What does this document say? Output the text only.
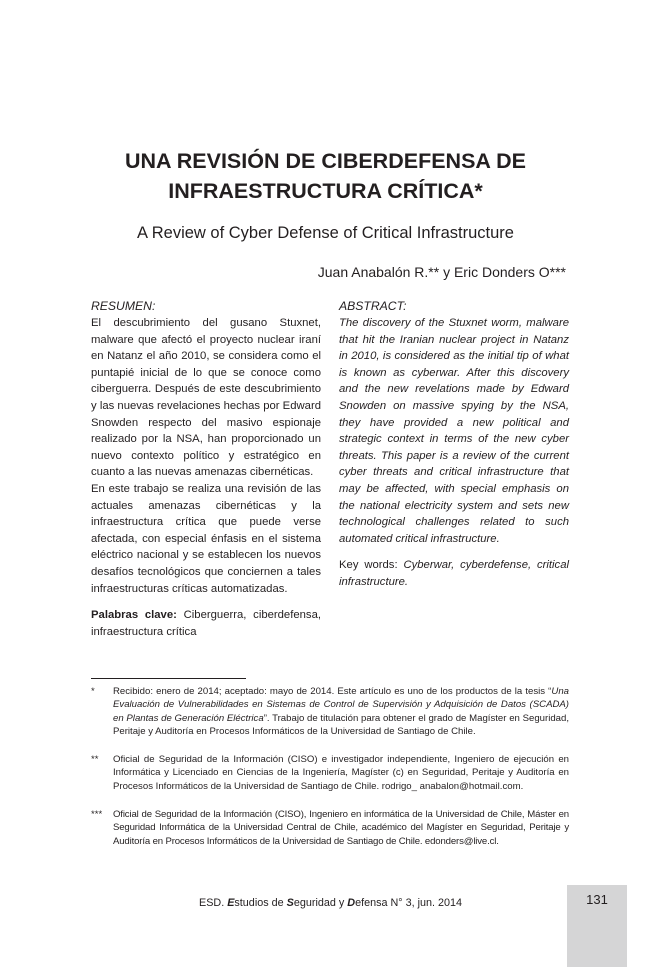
UNA REVISIÓN DE CIBERDEFENSA DE
INFRAESTRUCTURA CRÍTICA*
A Review of Cyber Defense of Critical Infrastructure
Juan Anabalón R.** y Eric Donders O***
RESUMEN:

El descubrimiento del gusano Stuxnet, malware que afectó el proyecto nuclear iraní en Natanz el año 2010, se considera como el puntapié inicial de lo que se conoce como ciberguerra. Después de este descubrimiento y las nuevas revelaciones hechas por Edward Snowden respecto del masivo espionaje realizado por la NSA, han proporcionado un nuevo contexto político y estratégico en cuanto a las nuevas amenazas cibernéticas.

En este trabajo se realiza una revisión de las actuales amenazas cibernéticas y la infraestructura crítica que puede verse afectada, con especial énfasis en el sistema eléctrico nacional y se establecen los nuevos desafíos tecnológicos que conciernen a tales infraestructuras críticas automatizadas.

Palabras clave: Ciberguerra, ciberdefensa, infraestructura crítica

ABSTRACT:

The discovery of the Stuxnet worm, malware that hit the Iranian nuclear project in Natanz in 2010, is considered as the initial tip of what is known as cyberwar. After this discovery and the new revelations made by Edward Snowden on massive spying by the NSA, they have provided a new political and strategic context in terms of the new cyber threats. This paper is a review of the current cyber threats and critical infrastructure that may be affected, with special emphasis on the national electricity system and sets new technological challenges related to such automated critical infrastructure.

Key words: Cyberwar, cyberdefense, critical infrastructure.

* Recibido: enero de 2014; aceptado: mayo de 2014. Este artículo es uno de los productos de la tesis “Una Evaluación de Vulnerabilidades en Sistemas de Control de Supervisión y Adquisición de Datos (SCADA) en Plantas de Generación Eléctrica”. Trabajo de titulación para obtener el grado de Magíster en Seguridad, Peritaje y Auditoría en Procesos Informáticos de la Universidad de Santiago de Chile.
** Oficial de Seguridad de la Información (CISO) e investigador independiente, Ingeniero de ejecución en Informática y Licenciado en Ciencias de la Ingeniería, Magíster (c) en Seguridad, Peritaje y Auditoría en Procesos Informáticos de la Universidad de Santiago de Chile. rodrigo_ anabalon@hotmail.com.
*** Oficial de Seguridad de la Información (CISO), Ingeniero en informática de la Universidad de Chile, Máster en Seguridad Informática de la Universidad Central de Chile, académico del Magíster en Seguridad, Peritaje y Auditoría en Procesos Informáticos de la Universidad de Santiago de Chile. edonders@live.cl.
ESD. Estudios de Seguridad y Defensa N° 3, jun. 2014	131
